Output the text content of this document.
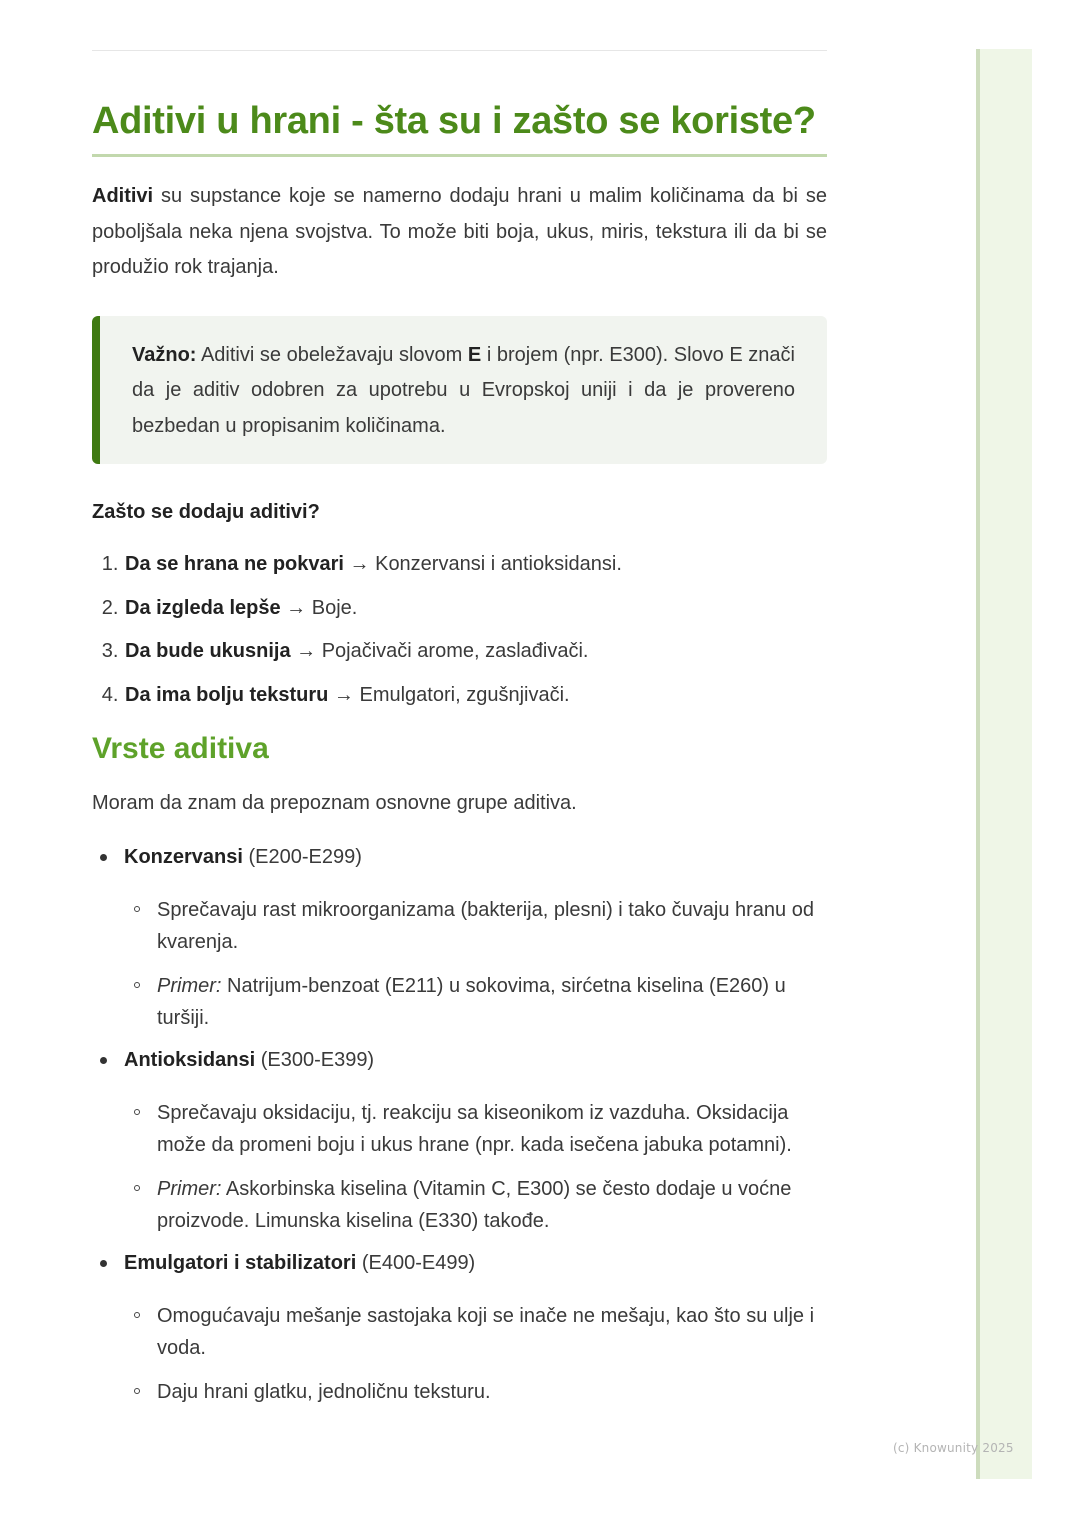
Aditivi u hrani - šta su i zašto se koriste?

Aditivi su supstance koje se namerno dodaju hrani u malim količinama da bi se poboljšala neka njena svojstva. To može biti boja, ukus, miris, tekstura ili da bi se produžio rok trajanja.

Važno: Aditivi se obeležavaju slovom E i brojem (npr. E300). Slovo E znači da je aditiv odobren za upotrebu u Evropskoj uniji i da je provereno bezbedan u propisanim količinama.
Zašto se dodaju aditivi?
1. Da se hrana ne pokvari → Konzervansi i antioksidansi.
2. Da izgleda lepše → Boje.
3. Da bude ukusnija → Pojačivači arome, zaslađivači.
4. Da ima bolju teksturu → Emulgatori, zgušnjivači.
Vrste aditiva

Moram da znam da prepoznam osnovne grupe aditiva.

Konzervansi (E200-E299)
Sprečavaju rast mikroorganizama (bakterija, plesni) i tako čuvaju hranu od kvarenja.
Primer: Natrijum-benzoat (E211) u sokovima, sirćetna kiselina (E260) u turšiji.
Antioksidansi (E300-E399)
Sprečavaju oksidaciju, tj. reakciju sa kiseonikom iz vazduha. Oksidacija može da promeni boju i ukus hrane (npr. kada isečena jabuka potamni).
Primer: Askorbinska kiselina (Vitamin C, E300) se često dodaje u voćne proizvode. Limunska kiselina (E330) takođe.
Emulgatori i stabilizatori (E400-E499)
Omogućavaju mešanje sastojaka koji se inače ne mešaju, kao što su ulje i voda.
Daju hrani glatku, jednoličnu teksturu.
(c) Knowunity 2025
